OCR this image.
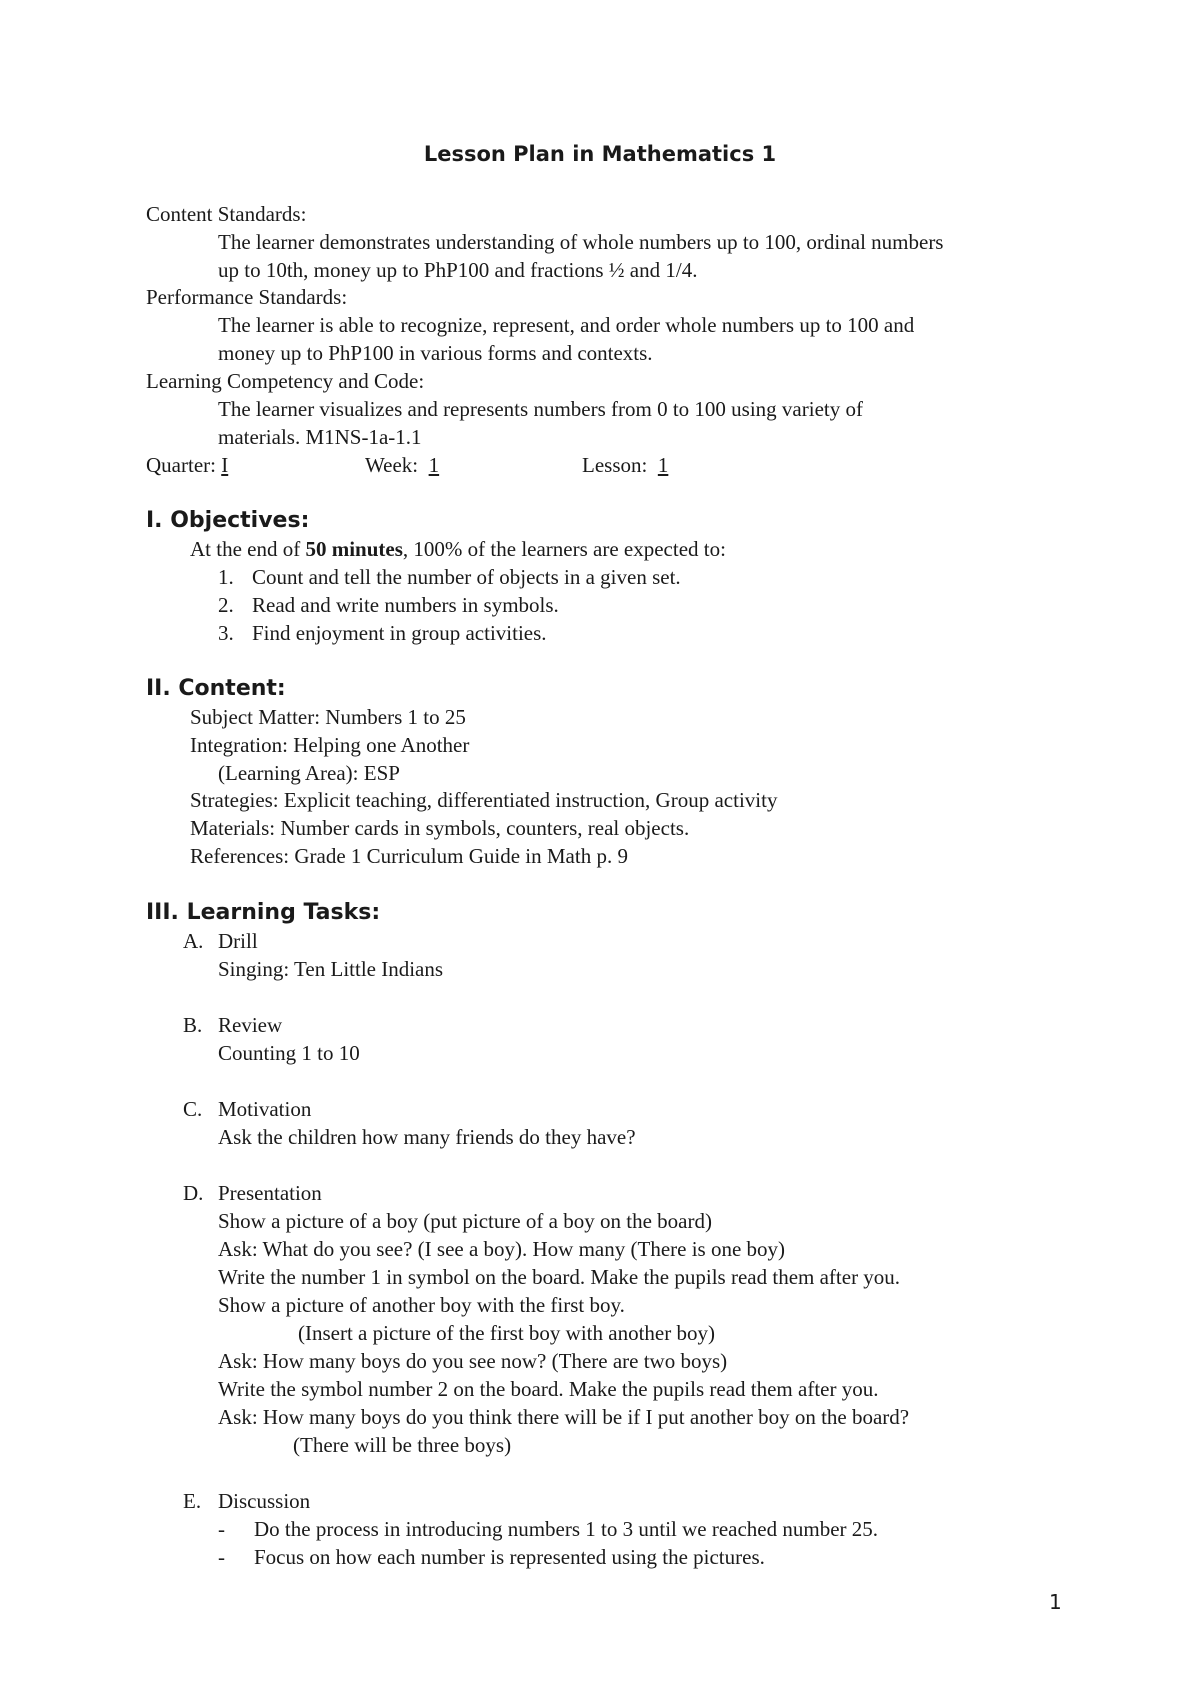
Lesson Plan in Mathematics 1
Content Standards:
The learner demonstrates understanding of whole numbers up to 100, ordinal numbers
up to 10th, money up to PhP100 and fractions ½ and 1/4.
Performance Standards:
The learner is able to recognize, represent, and order whole numbers up to 100 and
money up to PhP100 in various forms and contexts.
Learning Competency and Code:
The learner visualizes and represents numbers from 0 to 100 using variety of
materials. M1NS-1a-1.1
Quarter: I	Week: 1	Lesson: 1
I. Objectives:
At the end of 50 minutes, 100% of the learners are expected to:
1. Count and tell the number of objects in a given set.
2. Read and write numbers in symbols.
3. Find enjoyment in group activities.
II. Content:
Subject Matter: Numbers 1 to 25
Integration: Helping one Another
(Learning Area): ESP
Strategies: Explicit teaching, differentiated instruction, Group activity
Materials: Number cards in symbols, counters, real objects.
References: Grade 1 Curriculum Guide in Math p. 9
III. Learning Tasks:
A. Drill
Singing: Ten Little Indians
B. Review
Counting 1 to 10
C. Motivation
Ask the children how many friends do they have?
D. Presentation
Show a picture of a boy (put picture of a boy on the board)
Ask: What do you see? (I see a boy). How many (There is one boy)
Write the number 1 in symbol on the board. Make the pupils read them after you.
Show a picture of another boy with the first boy.
(Insert a picture of the first boy with another boy)
Ask: How many boys do you see now? (There are two boys)
Write the symbol number 2 on the board. Make the pupils read them after you.
Ask: How many boys do you think there will be if I put another boy on the board?
(There will be three boys)
E. Discussion
- Do the process in introducing numbers 1 to 3 until we reached number 25.
- Focus on how each number is represented using the pictures.
1
